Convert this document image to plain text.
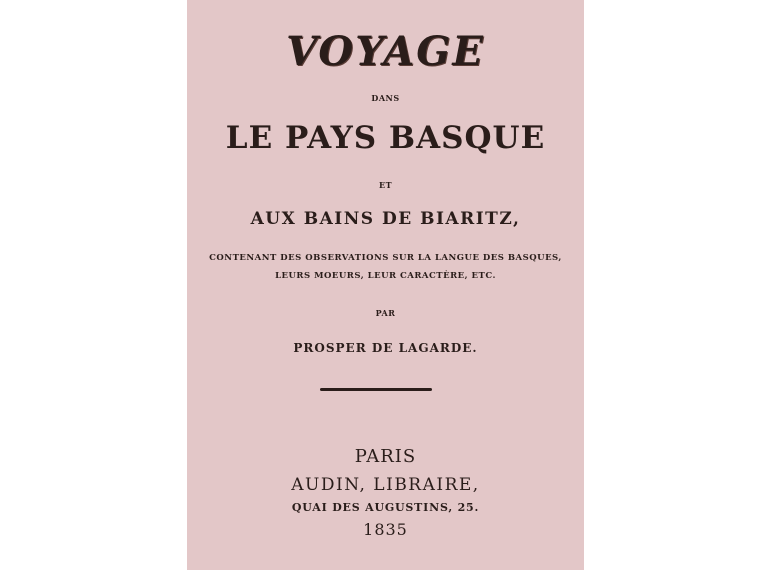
VOYAGE
DANS
LE PAYS BASQUE
ET
AUX BAINS DE BIARITZ,
CONTENANT DES OBSERVATIONS SUR LA LANGUE DES BASQUES,
LEURS MOEURS, LEUR CARACTÈRE, ETC.
PAR
PROSPER DE LAGARDE.
PARIS
AUDIN, LIBRAIRE,
QUAI DES AUGUSTINS, 25.
1835
